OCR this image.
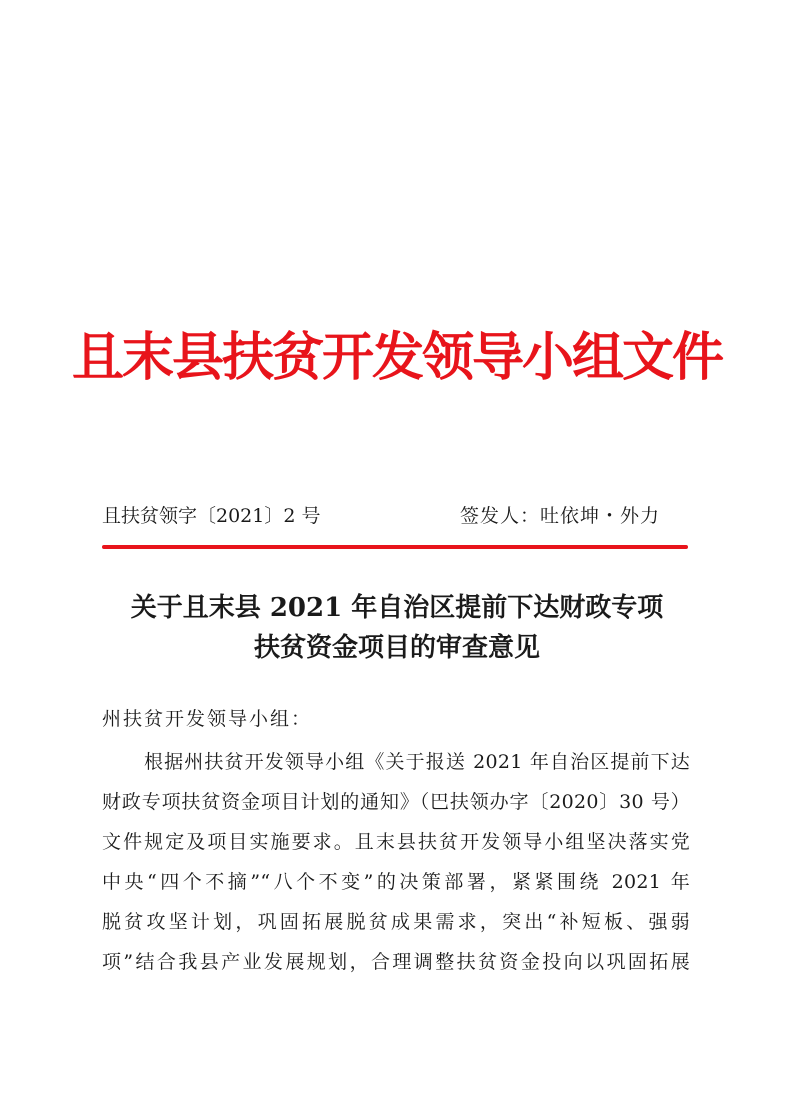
且末县扶贫开发领导小组文件
且扶贫领字〔2021〕2 号	签发人：吐依坤・外力
关于且末县 2021 年自治区提前下达财政专项
扶贫资金项目的审查意见
州扶贫开发领导小组：
根据州扶贫开发领导小组《关于报送 2021 年自治区提前下达
财政专项扶贫资金项目计划的通知》（巴扶领办字〔2020〕30 号）
文件规定及项目实施要求。且末县扶贫开发领导小组坚决落实党
中央“四个不摘”“八个不变”的决策部署，紧紧围绕 2021 年
脱贫攻坚计划，巩固拓展脱贫成果需求，突出“补短板、强弱
项”结合我县产业发展规划，合理调整扶贫资金投向以巩固拓展
